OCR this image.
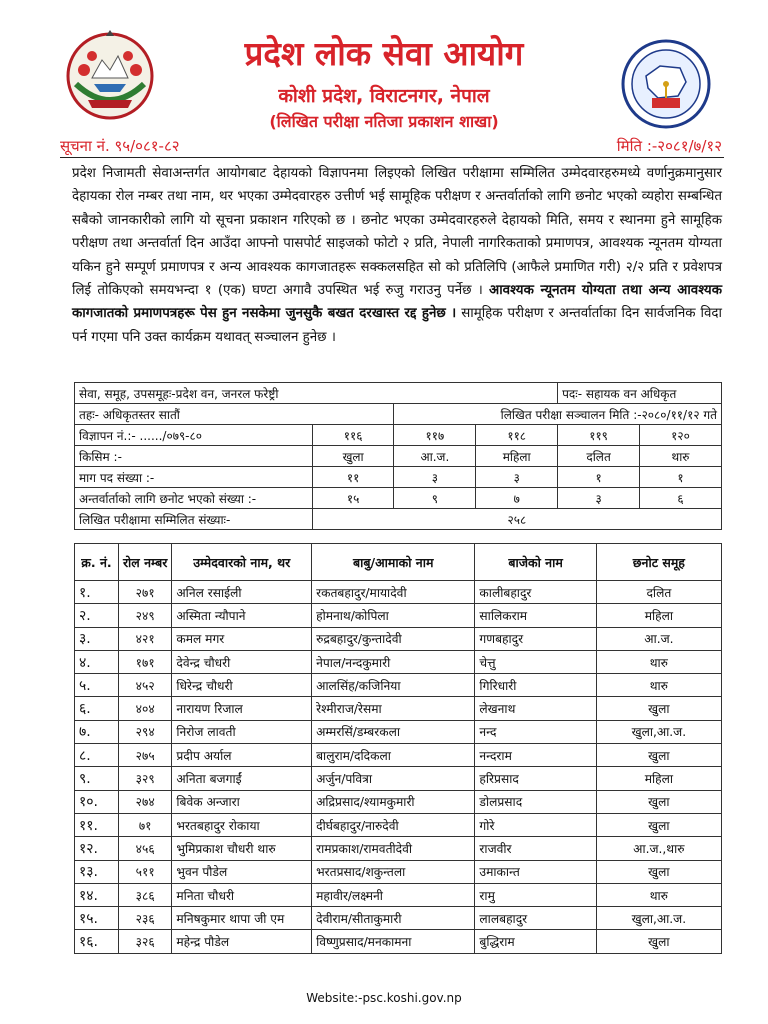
प्रदेश लोक सेवा आयोग
कोशी प्रदेश, विराटनगर, नेपाल
(लिखित परीक्षा नतिजा प्रकाशन शाखा)
सूचना नं. ९५/०८१-८२	मिति :-२०८१/७/१२
प्रदेश निजामती सेवाअन्तर्गत आयोगबाट देहायको विज्ञापनमा लिइएको लिखित परीक्षामा सम्मिलित उम्मेदवारहरुमध्ये वर्णानुक्रमानुसार देहायका रोल नम्बर तथा नाम, थर भएका उम्मेदवारहरु उत्तीर्ण भई सामूहिक परीक्षण र अन्तर्वार्ताको लागि छनोट भएको व्यहोरा सम्बन्धित सबैको जानकारीको लागि यो सूचना प्रकाशन गरिएको छ । छनोट भएका उम्मेदवारहरुले देहायको मिति, समय र स्थानमा हुने सामूहिक परीक्षण तथा अन्तर्वार्ता दिन आउँदा आफ्नो पासपोर्ट साइजको फोटो २ प्रति, नेपाली नागरिकताको प्रमाणपत्र, आवश्यक न्यूनतम योग्यता यकिन हुने सम्पूर्ण प्रमाणपत्र र अन्य आवश्यक कागजातहरू सक्कलसहित सो को प्रतिलिपि (आफैले प्रमाणित गरी) २/२ प्रति र प्रवेशपत्र लिई तोकिएको समयभन्दा १ (एक) घण्टा अगावै उपस्थित भई रुजु गराउनु पर्नेछ । आवश्यक न्यूनतम योग्यता तथा अन्य आवश्यक कागजातको प्रमाणपत्रहरू पेस हुन नसकेमा जुनसुकै बखत दरखास्त रद्द हुनेछ । सामूहिक परीक्षण र अन्तर्वार्ताका दिन सार्वजनिक विदा पर्न गएमा पनि उक्त कार्यक्रम यथावत् सञ्चालन हुनेछ ।
सेवा, समूह, उपसमूहः-प्रदेश वन, जनरल फरेष्ट्री				पदः- सहायक वन अधिकृत	
तहः- अधिकृतस्तर सातौं		लिखित परीक्षा सञ्चालन मिति :-२०८०/११/१२ गते			
विज्ञापन नं.:- ....../०७९-८०	११६	११७	११८	११९	१२०
किसिम :-	खुला	आ.ज.	महिला	दलित	थारु
माग पद संख्या :-	११	३	३	१	१
अन्तर्वार्ताको लागि छनोट भएको संख्या :-	१५	९	७	३	६
लिखित परीक्षामा सम्मिलित संख्याः-	२५८				
क्र. नं.	रोल नम्बर	उम्मेदवारको नाम, थर	बाबु/आमाको नाम	बाजेको नाम	छनोट समूह
१.	२७१	अनिल रसाईली	रकतबहादुर/मायादेवी	कालीबहादुर	दलित
२.	२४९	अस्मिता न्यौपाने	होमनाथ/कोपिला	सालिकराम	महिला
३.	४२१	कमल मगर	रुद्रबहादुर/कुन्तादेवी	गणबहादुर	आ.ज.
४.	१७१	देवेन्द्र चौधरी	नेपाल/नन्दकुमारी	चेत्तु	थारु
५.	४५२	धिरेन्द्र चौधरी	आलसिंह/कजिनिया	गिरिधारी	थारु
६.	४०४	नारायण रिजाल	रेश्मीराज/रेसमा	लेखनाथ	खुला
७.	२९४	निरोज लावती	अम्मरसिं/डम्बरकला	नन्द	खुला,आ.ज.
८.	२७५	प्रदीप अर्याल	बालुराम/ददिकला	नन्दराम	खुला
९.	३२९	अनिता बजगाईं	अर्जुन/पवित्रा	हरिप्रसाद	महिला
१०.	२७४	बिवेक अन्जारा	अद्रिप्रसाद/श्यामकुमारी	डोलप्रसाद	खुला
११.	७१	भरतबहादुर रोकाया	दीर्घबहादुर/नारुदेवी	गोरे	खुला
१२.	४५६	भुमिप्रकाश चौधरी थारु	रामप्रकाश/रामवतीदेवी	राजवीर	आ.ज.,थारु
१३.	५११	भुवन पौडेल	भरतप्रसाद/शकुन्तला	उमाकान्त	खुला
१४.	३८६	मनिता चौधरी	महावीर/लक्ष्मनी	रामु	थारु
१५.	२३६	मनिषकुमार थापा जी एम	देवीराम/सीताकुमारी	लालबहादुर	खुला,आ.ज.
१६.	३२६	महेन्द्र पौडेल	विष्णुप्रसाद/मनकामना	बुद्धिराम	खुला
Website:-psc.koshi.gov.np
